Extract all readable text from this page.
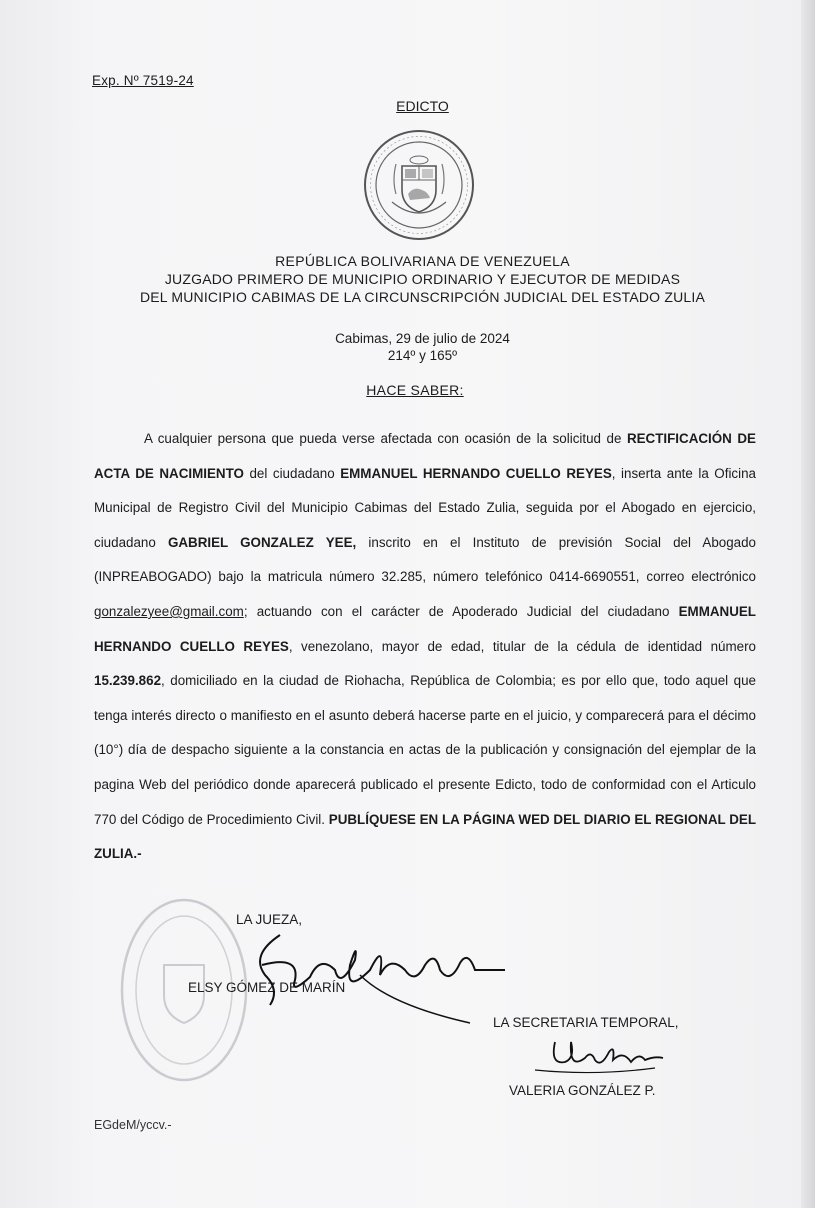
Exp. Nº 7519-24
EDICTO
REPÚBLICA BOLIVARIANA DE VENEZUELA
JUZGADO PRIMERO DE MUNICIPIO ORDINARIO Y EJECUTOR DE MEDIDAS
DEL MUNICIPIO CABIMAS DE LA CIRCUNSCRIPCIÓN JUDICIAL DEL ESTADO ZULIA
Cabimas, 29 de julio de 2024
214º y 165º
HACE SABER:
A cualquier persona que pueda verse afectada con ocasión de la solicitud de RECTIFICACIÓN DE ACTA DE NACIMIENTO del ciudadano EMMANUEL HERNANDO CUELLO REYES, inserta ante la Oficina Municipal de Registro Civil del Municipio Cabimas del Estado Zulia, seguida por el Abogado en ejercicio, ciudadano GABRIEL GONZALEZ YEE, inscrito en el Instituto de previsión Social del Abogado (INPREABOGADO) bajo la matricula número 32.285, número telefónico 0414-6690551, correo electrónico gonzalezyee@gmail.com; actuando con el carácter de Apoderado Judicial del ciudadano EMMANUEL HERNANDO CUELLO REYES, venezolano, mayor de edad, titular de la cédula de identidad número 15.239.862, domiciliado en la ciudad de Riohacha, República de Colombia; es por ello que, todo aquel que tenga interés directo o manifiesto en el asunto deberá hacerse parte en el juicio, y comparecerá para el décimo (10°) día de despacho siguiente a la constancia en actas de la publicación y consignación del ejemplar de la pagina Web del periódico donde aparecerá publicado el presente Edicto, todo de conformidad con el Articulo 770 del Código de Procedimiento Civil. PUBLÍQUESE EN LA PÁGINA WED DEL DIARIO EL REGIONAL DEL ZULIA.-
LA JUEZA,
ELSY GÓMEZ DE MARÍN
LA SECRETARIA TEMPORAL,
VALERIA GONZÁLEZ P.
EGdeM/yccv.-
